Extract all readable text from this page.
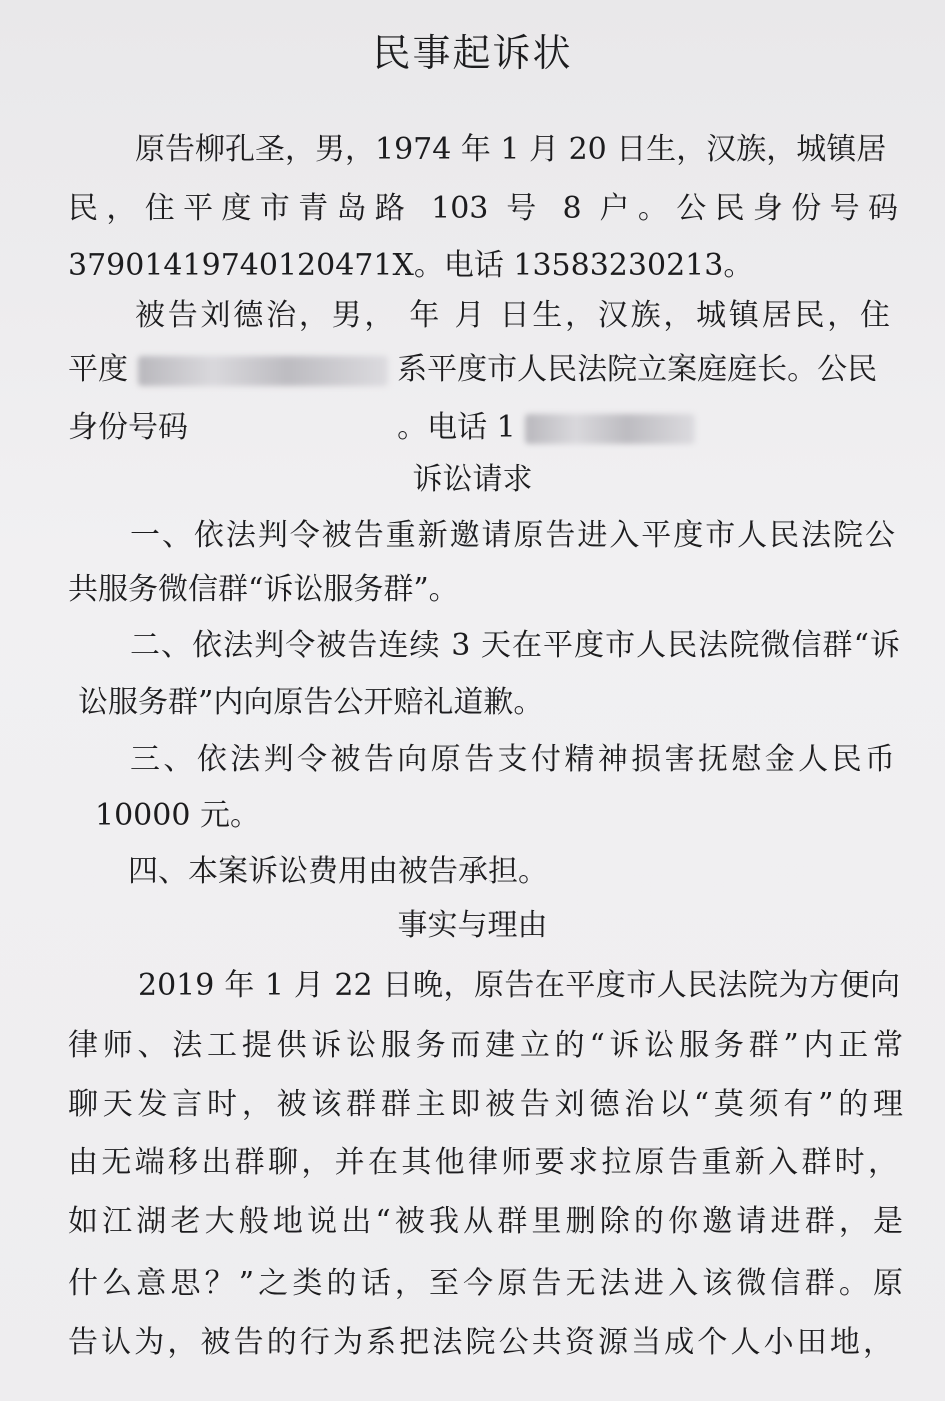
民事起诉状
原告柳孔圣，男，1974 年 1 月 20 日生，汉族，城镇居
民，住平度市青岛路 103 号 8 户。公民身份号码
37901419740120471X。电话 13583230213。
被告刘德治，男， 年 月 日生，汉族，城镇居民，住
平度	系平度市人民法院立案庭庭长。公民
身份号码	。电话 1
诉讼请求
一、依法判令被告重新邀请原告进入平度市人民法院公
共服务微信群“诉讼服务群”。
二、依法判令被告连续 3 天在平度市人民法院微信群“诉
讼服务群”内向原告公开赔礼道歉。
三、依法判令被告向原告支付精神损害抚慰金人民币
10000 元。
四、本案诉讼费用由被告承担。
事实与理由
2019 年 1 月 22 日晚，原告在平度市人民法院为方便向
律师、法工提供诉讼服务而建立的“诉讼服务群”内正常
聊天发言时，被该群群主即被告刘德治以“莫须有”的理
由无端移出群聊，并在其他律师要求拉原告重新入群时，
如江湖老大般地说出“被我从群里删除的你邀请进群，是
什么意思？”之类的话，至今原告无法进入该微信群。原
告认为，被告的行为系把法院公共资源当成个人小田地，
